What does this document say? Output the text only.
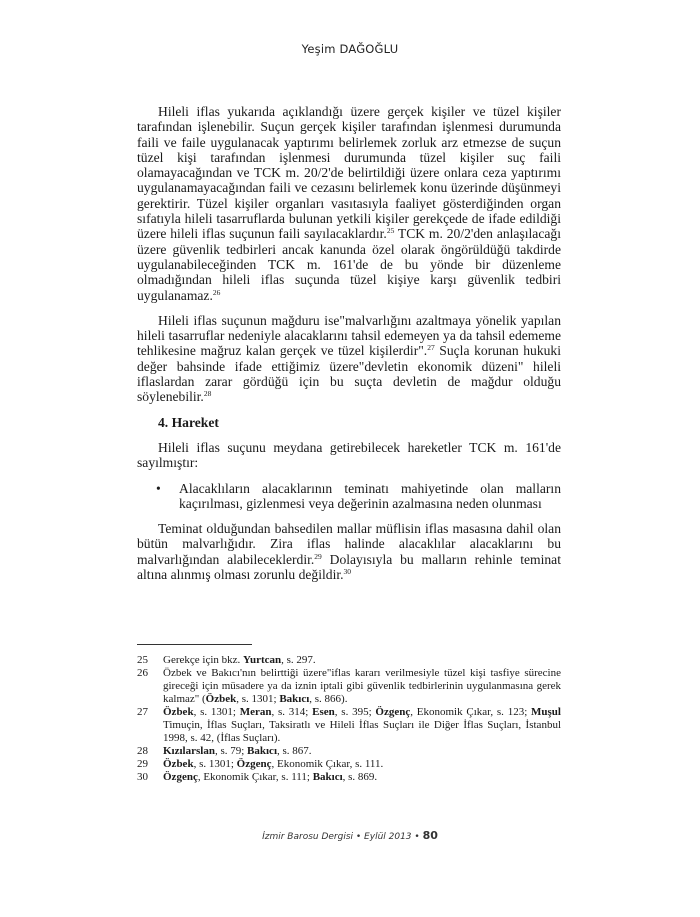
Yeşim DAĞOĞLU

Hileli iflas yukarıda açıklandığı üzere gerçek kişiler ve tüzel kişiler tarafından işlenebilir. Suçun gerçek kişiler tarafından işlenmesi durumunda faili ve faile uygulanacak yaptırımı belirlemek zorluk arz etmezse de suçun tüzel kişi tarafından işlenmesi durumunda tüzel kişiler suç faili olamayacağından ve TCK m. 20/2'de belirtildiği üzere onlara ceza yaptırımı uygulanamayacağından faili ve cezasını belirlemek konu üzerinde düşünmeyi gerektirir. Tüzel kişiler organları vasıtasıyla faaliyet gösterdiğinden organ sıfatıyla hileli tasarruflarda bulunan yetkili kişiler gerekçede de ifade edildiği üzere hileli iflas suçunun faili sayılacaklardır.$^{25}$ TCK m. 20/2'den anlaşılacağı üzere güvenlik tedbirleri ancak kanunda özel olarak öngörüldüğü takdirde uygulanabileceğinden TCK m. 161'de de bu yönde bir düzenleme olmadığından hileli iflas suçunda tüzel kişiye karşı güvenlik tedbiri uygulanamaz.$^{26}$

Hileli iflas suçunun mağduru ise"malvarlığını azaltmaya yönelik yapılan hileli tasarruflar nedeniyle alacaklarını tahsil edemeyen ya da tahsil edememe tehlikesine mağruz kalan gerçek ve tüzel kişilerdir".$^{27}$ Suçla korunan hukuki değer bahsinde ifade ettiğimiz üzere"devletin ekonomik düzeni" hileli iflaslardan zarar gördüğü için bu suçta devletin de mağdur olduğu söylenebilir.$^{28}$

4. Hareket

Hileli iflas suçunu meydana getirebilecek hareketler TCK m. 161'de sayılmıştır:

• Alacaklıların alacaklarının teminatı mahiyetinde olan malların kaçırılması, gizlenmesi veya değerinin azalmasına neden olunması

Teminat olduğundan bahsedilen mallar müflisin iflas masasına dahil olan bütün malvarlığıdır. Zira iflas halinde alacaklılar alacaklarını bu malvarlığından alabileceklerdir.$^{29}$ Dolayısıyla bu malların rehinle teminat altına alınmış olması zorunlu değildir.$^{30}$

25 Gerekçe için bkz. Yurtcan, s. 297.
26 Özbek ve Bakıcı'nın belirttiği üzere"iflas kararı verilmesiyle tüzel kişi tasfiye sürecine gireceği için müsadere ya da iznin iptali gibi güvenlik tedbirlerinin uygulanmasına gerek kalmaz" (Özbek, s. 1301; Bakıcı, s. 866).
27 Özbek, s. 1301; Meran, s. 314; Esen, s. 395; Özgenç, Ekonomik Çıkar, s. 123; Muşul Timuçin, İflas Suçları, Taksiratlı ve Hileli İflas Suçları ile Diğer İflas Suçları, İstanbul 1998, s. 42, (İflas Suçları).
28 Kızılarslan, s. 79; Bakıcı, s. 867.
29 Özbek, s. 1301; Özgenç, Ekonomik Çıkar, s. 111.
30 Özgenç, Ekonomik Çıkar, s. 111; Bakıcı, s. 869.
İzmir Barosu Dergisi • Eylül 2013 • 80
